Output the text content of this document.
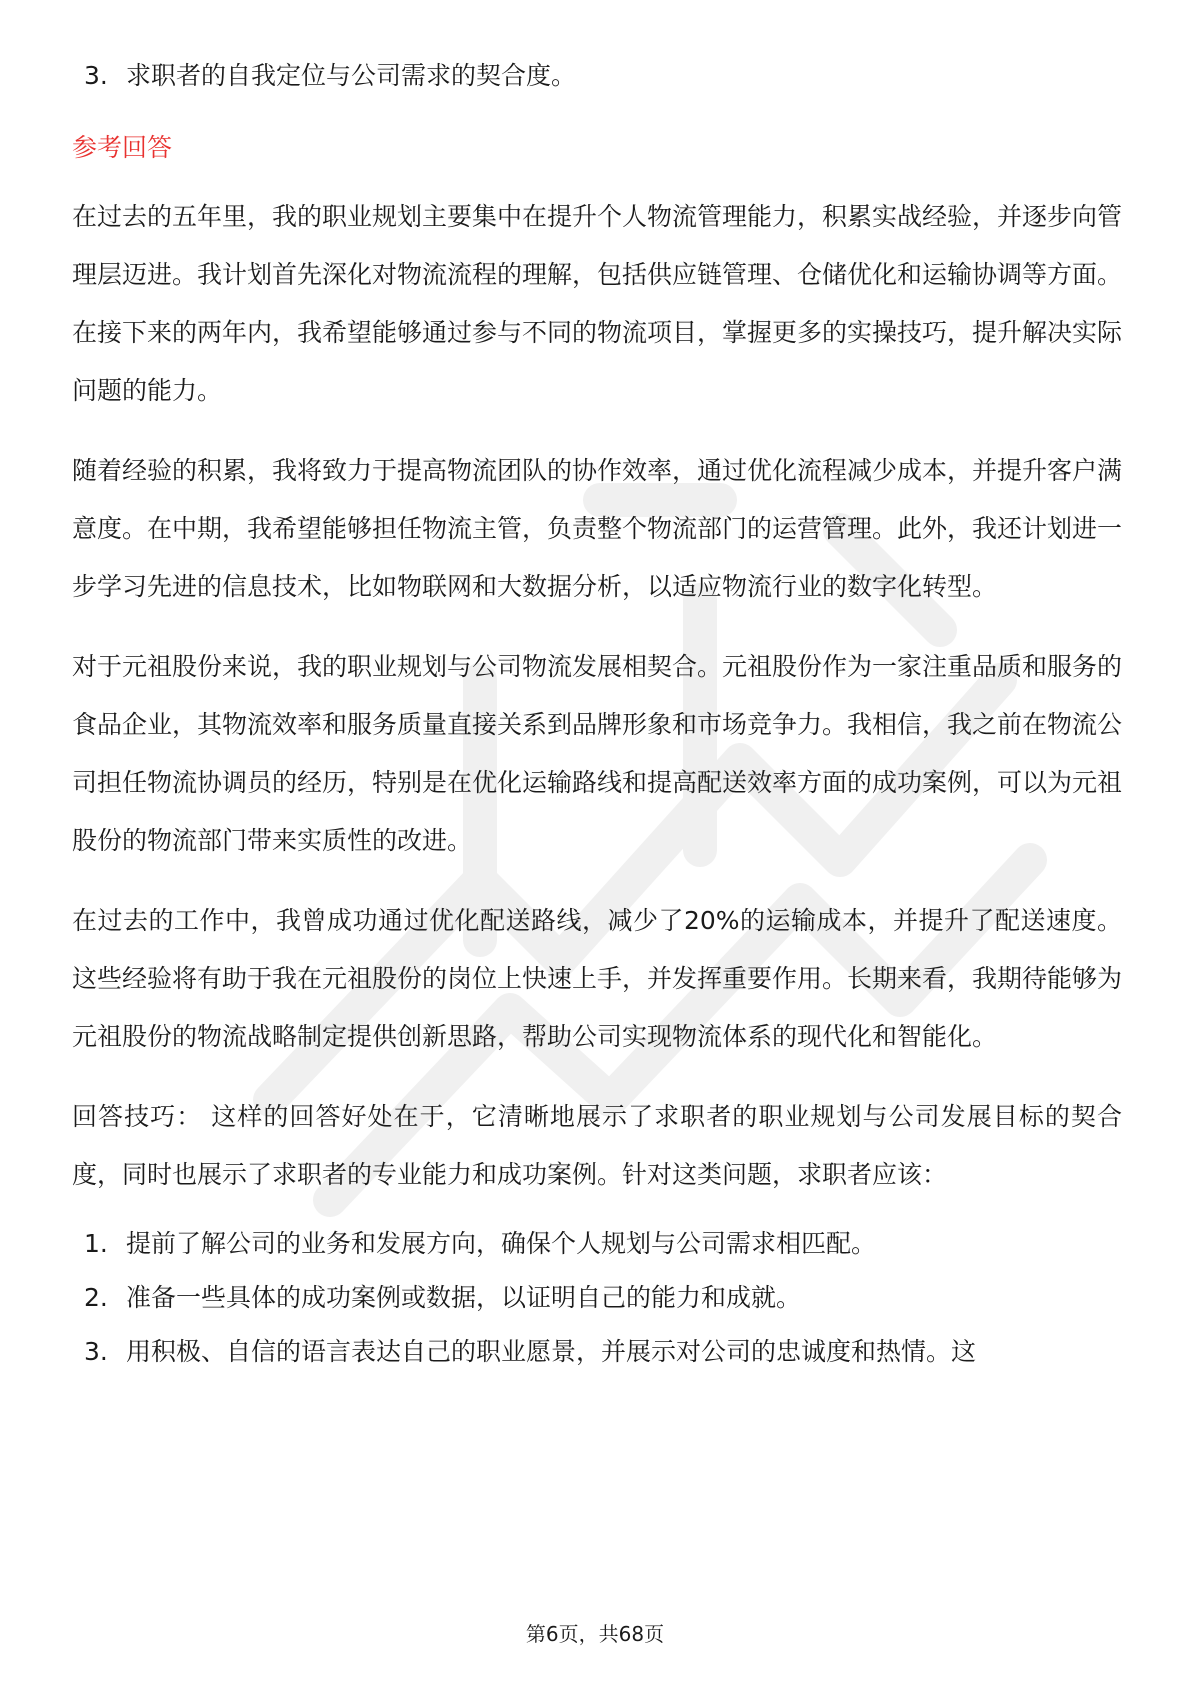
3. 求职者的自我定位与公司需求的契合度。
参考回答

在过去的五年里，我的职业规划主要集中在提升个人物流管理能力，积累实战经验，并逐步向管理层迈进。我计划首先深化对物流流程的理解，包括供应链管理、仓储优化和运输协调等方面。在接下来的两年内，我希望能够通过参与不同的物流项目，掌握更多的实操技巧，提升解决实际问题的能力。

随着经验的积累，我将致力于提高物流团队的协作效率，通过优化流程减少成本，并提升客户满意度。在中期，我希望能够担任物流主管，负责整个物流部门的运营管理。此外，我还计划进一步学习先进的信息技术，比如物联网和大数据分析，以适应物流行业的数字化转型。

对于元祖股份来说，我的职业规划与公司物流发展相契合。元祖股份作为一家注重品质和服务的食品企业，其物流效率和服务质量直接关系到品牌形象和市场竞争力。我相信，我之前在物流公司担任物流协调员的经历，特别是在优化运输路线和提高配送效率方面的成功案例，可以为元祖股份的物流部门带来实质性的改进。

在过去的工作中，我曾成功通过优化配送路线，减少了20%的运输成本，并提升了配送速度。这些经验将有助于我在元祖股份的岗位上快速上手，并发挥重要作用。长期来看，我期待能够为元祖股份的物流战略制定提供创新思路，帮助公司实现物流体系的现代化和智能化。

回答技巧： 这样的回答好处在于，它清晰地展示了求职者的职业规划与公司发展目标的契合度，同时也展示了求职者的专业能力和成功案例。针对这类问题，求职者应该：

1. 提前了解公司的业务和发展方向，确保个人规划与公司需求相匹配。
2. 准备一些具体的成功案例或数据，以证明自己的能力和成就。
3. 用积极、自信的语言表达自己的职业愿景，并展示对公司的忠诚度和热情。这
第6页，共68页
